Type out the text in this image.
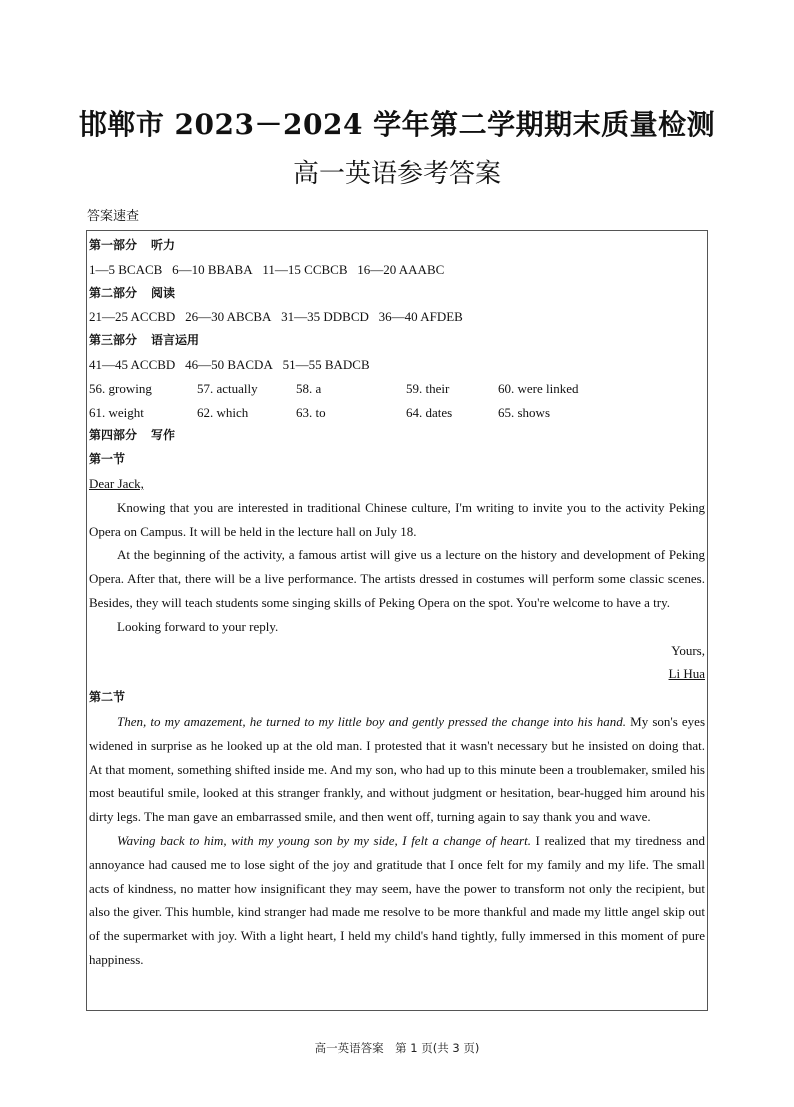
邯郸市 2023－2024 学年第二学期期末质量检测
高一英语参考答案
答案速查
第一部分 听力
1—5 BCACB 6—10 BBABA 11—15 CCBCB 16—20 AAABC
第二部分 阅读
21—25 ACCBD 26—30 ABCBA 31—35 DDBCD 36—40 AFDEB
第三部分 语言运用
41—45 ACCBD 46—50 BACDA 51—55 BADCB
56. growing	57. actually	58. a	59. their	60. were linked
61. weight	62. which	63. to	64. dates	65. shows
第四部分 写作
第一节
Dear Jack,

Knowing that you are interested in traditional Chinese culture, I'm writing to invite you to the activity Peking Opera on Campus. It will be held in the lecture hall on July 18.

At the beginning of the activity, a famous artist will give us a lecture on the history and development of Peking Opera. After that, there will be a live performance. The artists dressed in costumes will perform some classic scenes. Besides, they will teach students some singing skills of Peking Opera on the spot. You're welcome to have a try.

Looking forward to your reply.

Yours,
Li Hua
第二节

Then, to my amazement, he turned to my little boy and gently pressed the change into his hand. My son's eyes widened in surprise as he looked up at the old man. I protested that it wasn't necessary but he insisted on doing that. At that moment, something shifted inside me. And my son, who had up to this minute been a troublemaker, smiled his most beautiful smile, looked at this stranger frankly, and without judgment or hesitation, bear-hugged him around his dirty legs. The man gave an embarrassed smile, and then went off, turning again to say thank you and wave.

Waving back to him, with my young son by my side, I felt a change of heart. I realized that my tiredness and annoyance had caused me to lose sight of the joy and gratitude that I once felt for my family and my life. The small acts of kindness, no matter how insignificant they may seem, have the power to transform not only the recipient, but also the giver. This humble, kind stranger had made me resolve to be more thankful and made my little angel skip out of the supermarket with joy. With a light heart, I held my child's hand tightly, fully immersed in this moment of pure happiness.

高一英语答案　第 1 页(共 3 页)
